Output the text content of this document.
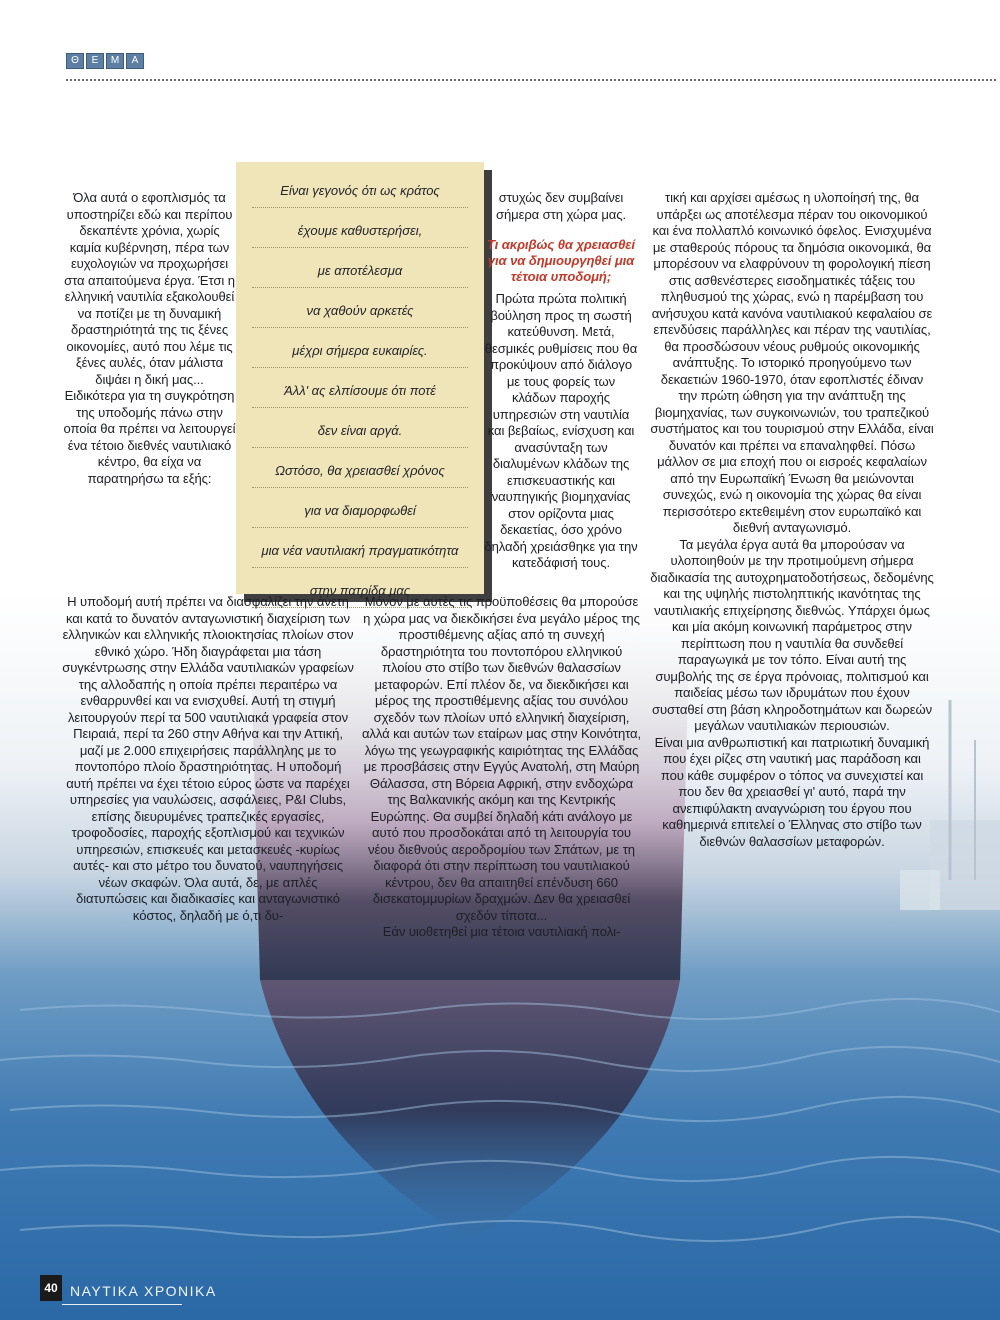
Θ	Ε	Μ	Α

Όλα αυτά ο εφοπλισμός τα υποστηρίζει εδώ και περίπου δεκαπέντε χρόνια, χωρίς καμία κυβέρνηση, πέρα των ευχολογιών να προχωρήσει στα απαιτούμενα έργα. Έτσι η ελληνική ναυτιλία εξακολουθεί να ποτίζει με τη δυναμική δραστηριότητά της τις ξένες οικονομίες, αυτό που λέμε τις ξένες αυλές, όταν μάλιστα διψάει η δική μας...

Ειδικότερα για τη συγκρότηση της υποδομής πάνω στην οποία θα πρέπει να λειτουργεί ένα τέτοιο διεθνές ναυτιλιακό κέντρο, θα είχα να παρατηρήσω τα εξής:

Είναι γεγονός ότι ως κράτος
έχουμε καθυστερήσει,
με αποτέλεσμα
να χαθούν αρκετές
μέχρι σήμερα ευκαιρίες.
Άλλ' ας ελπίσουμε ότι ποτέ
δεν είναι αργά.
Ωστόσο, θα χρειασθεί χρόνος
για να διαμορφωθεί
μια νέα ναυτιλιακή πραγματικότητα
στην πατρίδα μας

στυχώς δεν συμβαίνει σήμερα στη χώρα μας.

Τι ακριβώς θα χρειασθεί για να δημιουργηθεί μια τέτοια υποδομή;

Πρώτα πρώτα πολιτική βούληση προς τη σωστή κατεύθυνση. Μετά, θεσμικές ρυθμίσεις που θα προκύψουν από διάλογο με τους φορείς των κλάδων παροχής υπηρεσιών στη ναυτιλία και βεβαίως, ενίσχυση και ανασύνταξη των διαλυμένων κλάδων της επισκευαστικής και ναυπηγικής βιομηχανίας στον ορίζοντα μιας δεκαετίας, όσο χρόνο δηλαδή χρειάσθηκε για την κατεδάφισή τους.

Η υποδομή αυτή πρέπει να διασφαλίζει την άνετη και κατά το δυνατόν ανταγωνιστική διαχείριση των ελληνικών και ελληνικής πλοιοκτησίας πλοίων στον εθνικό χώρο. Ήδη διαγράφεται μια τάση συγκέντρωσης στην Ελλάδα ναυτιλιακών γραφείων της αλλοδαπής η οποία πρέπει περαιτέρω να ενθαρρυνθεί και να ενισχυθεί. Αυτή τη στιγμή λειτουργούν περί τα 500 ναυτιλιακά γραφεία στον Πειραιά, περί τα 260 στην Αθήνα και την Αττική, μαζί με 2.000 επιχειρήσεις παράλληλης με το ποντοπόρο πλοίο δραστηριότητας. Η υποδομή αυτή πρέπει να έχει τέτοιο εύρος ώστε να παρέχει υπηρεσίες για ναυλώσεις, ασφάλειες, P&I Clubs, επίσης διευρυμένες τραπεζικές εργασίες, τροφοδοσίες, παροχής εξοπλισμού και τεχνικών υπηρεσιών, επισκευές και μετασκευές -κυρίως αυτές- και στο μέτρο του δυνατού, ναυπηγήσεις νέων σκαφών. Όλα αυτά, δε, με απλές διατυπώσεις και διαδικασίες και ανταγωνιστικό κόστος, δηλαδή με ό,τι δυ-

Μόνον με αυτές τις προϋποθέσεις θα μπορούσε η χώρα μας να διεκδικήσει ένα μεγάλο μέρος της προστιθέμενης αξίας από τη συνεχή δραστηριότητα του ποντοπόρου ελληνικού πλοίου στο στίβο των διεθνών θαλασσίων μεταφορών. Επί πλέον δε, να διεκδικήσει και μέρος της προστιθέμενης αξίας του συνόλου σχεδόν των πλοίων υπό ελληνική διαχείριση, αλλά και αυτών των εταίρων μας στην Κοινότητα, λόγω της γεωγραφικής καιριότητας της Ελλάδας με προσβάσεις στην Εγγύς Ανατολή, στη Μαύρη Θάλασσα, στη Βόρεια Αφρική, στην ενδοχώρα της Βαλκανικής ακόμη και της Κεντρικής Ευρώπης. Θα συμβεί δηλαδή κάτι ανάλογο με αυτό που προσδοκάται από τη λειτουργία του νέου διεθνούς αεροδρομίου των Σπάτων, με τη διαφορά ότι στην περίπτωση του ναυτιλιακού κέντρου, δεν θα απαιτηθεί επένδυση 660 δισεκατομμυρίων δραχμών. Δεν θα χρειασθεί σχεδόν τίποτα...

Εάν υιοθετηθεί μια τέτοια ναυτιλιακή πολι-

τική και αρχίσει αμέσως η υλοποίησή της, θα υπάρξει ως αποτέλεσμα πέραν του οικονομικού και ένα πολλαπλό κοινωνικό όφελος. Ενισχυμένα με σταθερούς πόρους τα δημόσια οικονομικά, θα μπορέσουν να ελαφρύνουν τη φορολογική πίεση στις ασθενέστερες εισοδηματικές τάξεις του πληθυσμού της χώρας, ενώ η παρέμβαση του ανήσυχου κατά κανόνα ναυτιλιακού κεφαλαίου σε επενδύσεις παράλληλες και πέραν της ναυτιλίας, θα προσδώσουν νέους ρυθμούς οικονομικής ανάπτυξης. Το ιστορικό προηγούμενο των δεκαετιών 1960-1970, όταν εφοπλιστές έδιναν την πρώτη ώθηση για την ανάπτυξη της βιομηχανίας, των συγκοινωνιών, του τραπεζικού συστήματος και του τουρισμού στην Ελλάδα, είναι δυνατόν και πρέπει να επαναληφθεί. Πόσω μάλλον σε μια εποχή που οι εισροές κεφαλαίων από την Ευρωπαϊκή Ένωση θα μειώνονται συνεχώς, ενώ η οικονομία της χώρας θα είναι περισσότερο εκτεθειμένη στον ευρωπαϊκό και διεθνή ανταγωνισμό.

Τα μεγάλα έργα αυτά θα μπορούσαν να υλοποιηθούν με την προτιμούμενη σήμερα διαδικασία της αυτοχρηματοδοτήσεως, δεδομένης και της υψηλής πιστοληπτικής ικανότητας της ναυτιλιακής επιχείρησης διεθνώς. Υπάρχει όμως και μία ακόμη κοινωνική παράμετρος στην περίπτωση που η ναυτιλία θα συνδεθεί παραγωγικά με τον τόπο. Είναι αυτή της συμβολής της σε έργα πρόνοιας, πολιτισμού και παιδείας μέσω των ιδρυμάτων που έχουν συσταθεί στη βάση κληροδοτημάτων και δωρεών μεγάλων ναυτιλιακών περιουσιών.

Είναι μια ανθρωπιστική και πατριωτική δυναμική που έχει ρίζες στη ναυτική μας παράδοση και που κάθε συμφέρον ο τόπος να συνεχιστεί και που δεν θα χρειασθεί γι' αυτό, παρά την ανεπιφύλακτη αναγνώριση του έργου που καθημερινά επιτελεί ο Έλληνας στο στίβο των διεθνών θαλασσίων μεταφορών.

40 ΝΑΥΤΙΚΑ ΧΡΟΝΙΚΑ
